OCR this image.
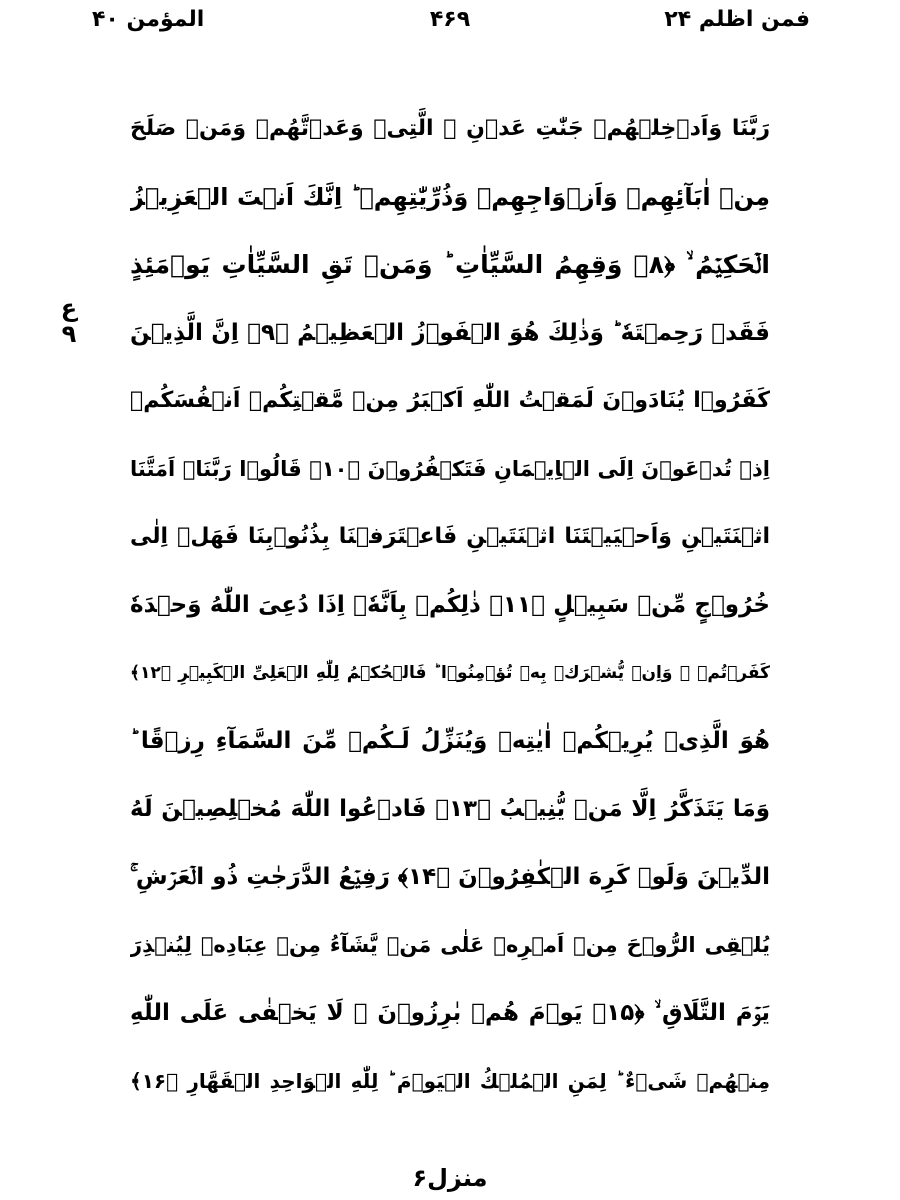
فمن اظلم ۲۴
۴۶۹
المؤمن ۴۰
ع
۹
رَبَّنَا وَاَدۡخِلۡهُمۡ جَنّٰتِ عَدۡنِ ۣ الَّتِىۡ وَعَدۡتَّهُمۡ وَمَنۡ صَلَحَ
مِنۡ اٰبَآئِهِمۡ وَاَزۡوَاجِهِمۡ وَذُرِّيّٰتِهِمۡ‌ ؕ اِنَّكَ اَنۡتَ الۡعَزِيۡزُ
الۡحَكِيۡمُ ۙ‏ ﴿۸﴾ وَقِهِمُ السَّيِّاٰتِ‌ ؕ وَمَنۡ تَقِ السَّيِّاٰتِ يَوۡمَئِذٍ
فَقَدۡ رَحِمۡتَهٗ‌ ؕ وَذٰلِكَ هُوَ الۡفَوۡزُ الۡعَظِيۡمُ ‏﴿۹﴾ اِنَّ الَّذِيۡنَ
كَفَرُوۡا يُنَادَوۡنَ لَمَقۡتُ اللّٰهِ اَكۡبَرُ مِنۡ مَّقۡتِكُمۡ اَنۡفُسَكُمۡ
اِذۡ تُدۡعَوۡنَ اِلَى الۡاِيۡمَانِ فَتَكۡفُرُوۡنَ‏ ﴿۱۰﴾ قَالُوۡا رَبَّنَاۤ اَمَتَّنَا
اثۡنَتَيۡنِ وَاَحۡيَيۡتَنَا اثۡنَتَيۡنِ فَاعۡتَرَفۡنَا بِذُنُوۡبِنَا فَهَلۡ اِلٰى
خُرُوۡجٍ مِّنۡ سَبِيۡلٍ‏ ﴿۱۱﴾ ذٰلِكُمۡ بِاَنَّهٗۤ اِذَا دُعِىَ اللّٰهُ وَحۡدَهٗ
كَفَرۡتُمۡ‌ ۚ وَاِنۡ يُّشۡرَكۡ بِهٖ تُؤۡمِنُوۡا‌ ؕ فَالۡحُكۡمُ لِلّٰهِ الۡعَلِىِّ الۡكَبِيۡرِ‏ ﴿۱۲﴾
هُوَ الَّذِىۡ يُرِيۡكُمۡ اٰيٰتِهٖ وَيُنَزِّلُ لَـكُمۡ مِّنَ السَّمَآءِ رِزۡقًا‌ ؕ
وَمَا يَتَذَكَّرُ اِلَّا مَنۡ يُّنِيۡبُ‏ ﴿۱۳﴾ فَادۡعُوا اللّٰهَ مُخۡلِصِيۡنَ لَهُ
الدِّيۡنَ وَلَوۡ كَرِهَ الۡكٰفِرُوۡنَ‏ ﴿۱۴﴾ رَفِيۡعُ الدَّرَجٰتِ ذُو الۡعَرۡشِ‌ ۚ
يُلۡقِى الرُّوۡحَ مِنۡ اَمۡرِهٖ عَلٰى مَنۡ يَّشَآءُ مِنۡ عِبَادِهٖ لِيُنۡذِرَ
يَوۡمَ التَّلَاقِ ۙ‏ ﴿۱۵﴾ يَوۡمَ هُمۡ بٰرِزُوۡنَ‌ ۚ لَا يَخۡفٰى عَلَى اللّٰهِ
مِنۡهُمۡ شَىۡءٌ‌ ؕ لِمَنِ الۡمُلۡكُ الۡيَوۡمَ‌ ؕ لِلّٰهِ الۡوَاحِدِ الۡقَهَّارِ‏ ﴿۱۶﴾
منزل۶
